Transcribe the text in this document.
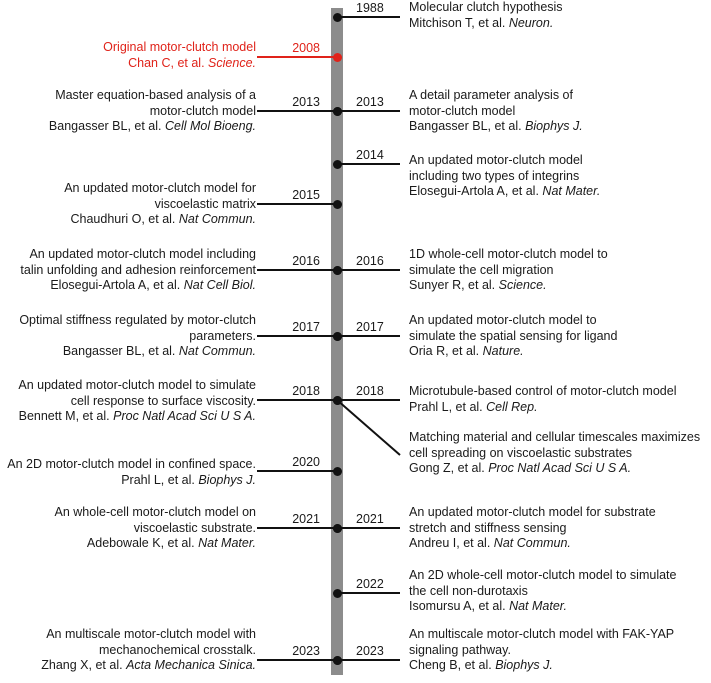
1988 Molecular clutch hypothesis
Mitchison T, et al. Neuron.
2008
Original motor-clutch model
Chan C, et al. Science.
2013
Master equation-based analysis of a
motor-clutch model
Bangasser BL, et al. Cell Mol Bioeng.
2013 A detail parameter analysis of
motor-clutch model
Bangasser BL, et al. Biophys J.
2014 An updated motor-clutch model
including two types of integrins
Elosegui-Artola A, et al. Nat Mater.
2015
An updated motor-clutch model for
viscoelastic matrix
Chaudhuri O, et al. Nat Commun.
2016
An updated motor-clutch model including
talin unfolding and adhesion reinforcement
Elosegui-Artola A, et al. Nat Cell Biol.
2016 1D whole-cell motor-clutch model to
simulate the cell migration
Sunyer R, et al. Science.
2017
Optimal stiffness regulated by motor-clutch
parameters.
Bangasser BL, et al. Nat Commun.
2017 An updated motor-clutch model to
simulate the spatial sensing for ligand
Oria R, et al. Nature.
2018
An updated motor-clutch model to simulate
cell response to surface viscosity.
Bennett M, et al. Proc Natl Acad Sci U S A.
2018 Microtubule-based control of motor-clutch model
Prahl L, et al. Cell Rep.
Matching material and cellular timescales maximizes
cell spreading on viscoelastic substrates
Gong Z, et al. Proc Natl Acad Sci U S A.
2020
An 2D motor-clutch model in confined space.
Prahl L, et al. Biophys J.
2021
An whole-cell motor-clutch model on
viscoelastic substrate.
Adebowale K, et al. Nat Mater.
2021 An updated motor-clutch model for substrate
stretch and stiffness sensing
Andreu I, et al. Nat Commun.
2022
An 2D whole-cell motor-clutch model to simulate
the cell non-durotaxis
Isomursu A, et al. Nat Mater.
2023
An multiscale motor-clutch model with
mechanochemical crosstalk.
Zhang X, et al. Acta Mechanica Sinica.
2023
An multiscale motor-clutch model with FAK-YAP
signaling pathway.
Cheng B, et al. Biophys J.
